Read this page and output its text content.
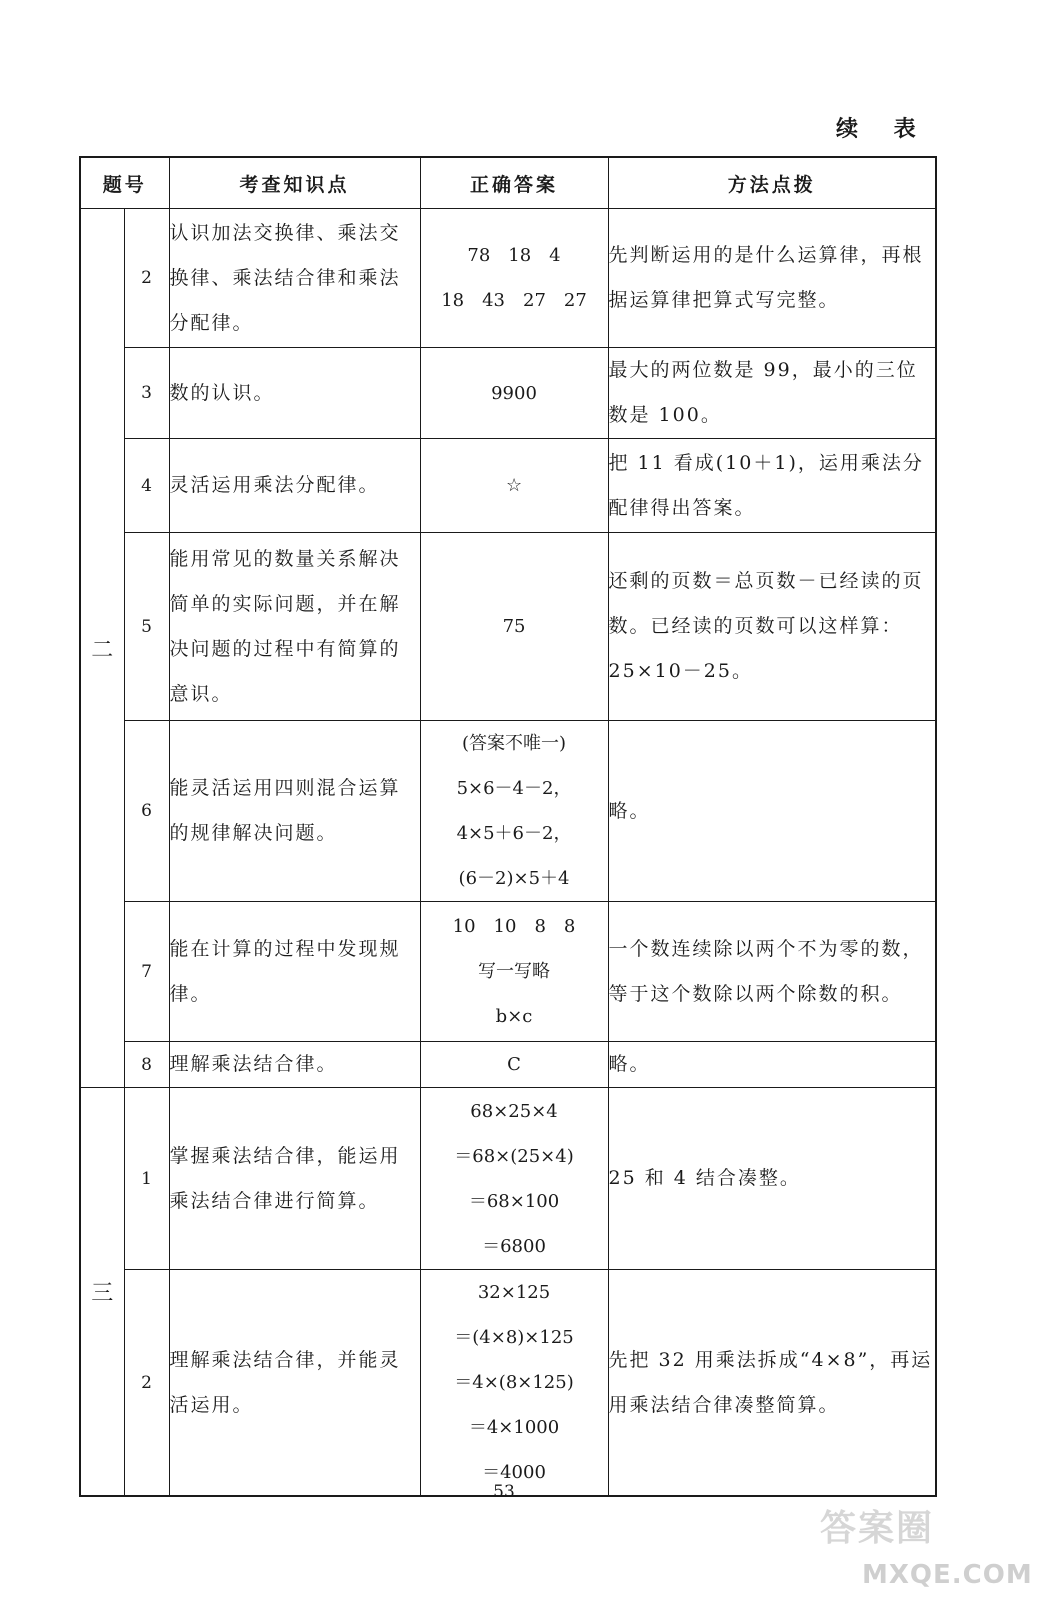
续 表
题号		考查知识点	正确答案	方法点拨
二	2	认识加法交换律、乘法交换律、乘法结合律和乘法分配律。	78　18　4
18　43　27　27	先判断运用的是什么运算律，再根据运算律把算式写完整。
	3	数的认识。	9900	最大的两位数是 99，最小的三位数是 100。
	4	灵活运用乘法分配律。	☆	把 11 看成(10＋1)，运用乘法分配律得出答案。
	5	能用常见的数量关系解决简单的实际问题，并在解决问题的过程中有简算的意识。	75	还剩的页数＝总页数－已经读的页数。已经读的页数可以这样算：25×10－25。
	6	能灵活运用四则混合运算的规律解决问题。	(答案不唯一)
5×6－4－2，
4×5＋6－2，
(6－2)×5＋4	略。
	7	能在计算的过程中发现规律。	10　10　8　8
写一写略
b×c	一个数连续除以两个不为零的数，等于这个数除以两个除数的积。
	8	理解乘法结合律。	C	略。
三	1	掌握乘法结合律，能运用乘法结合律进行简算。	68×25×4
＝68×(25×4)
＝68×100
＝6800	25 和 4 结合凑整。
	2	理解乘法结合律，并能灵活运用。	32×125
＝(4×8)×125
＝4×(8×125)
＝4×1000
＝4000	先把 32 用乘法拆成“4×8”，再运用乘法结合律凑整简算。
53
答案圈
MXQE.COM
